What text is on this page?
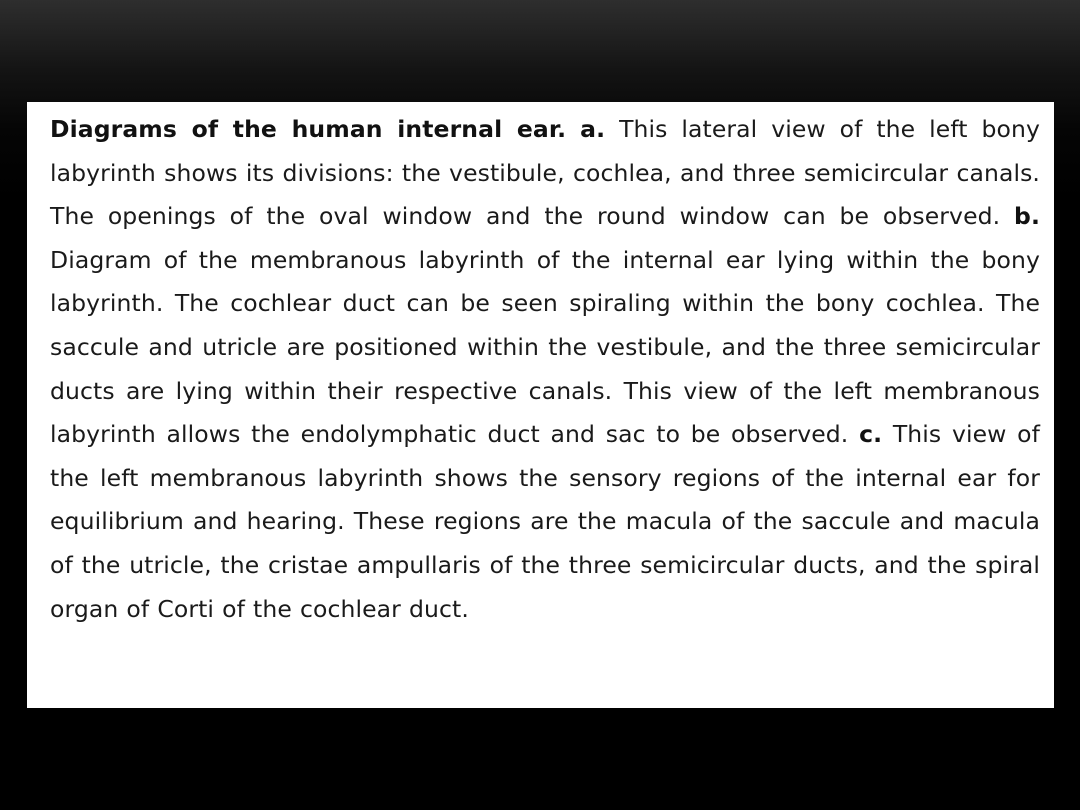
Diagrams of the human internal ear. a. This lateral view of the left bony labyrinth shows its divisions: the vestibule, cochlea, and three semicircular canals. The openings of the oval window and the round window can be observed. b. Diagram of the membranous labyrinth of the internal ear lying within the bony labyrinth. The cochlear duct can be seen spiraling within the bony cochlea. The saccule and utricle are positioned within the vestibule, and the three semicircular ducts are lying within their respective canals. This view of the left membranous labyrinth allows the endolymphatic duct and sac to be observed. c. This view of the left membranous labyrinth shows the sensory regions of the internal ear for equilibrium and hearing. These regions are the macula of the saccule and macula of the utricle, the cristae ampullaris of the three semicircular ducts, and the spiral organ of Corti of the cochlear duct.
